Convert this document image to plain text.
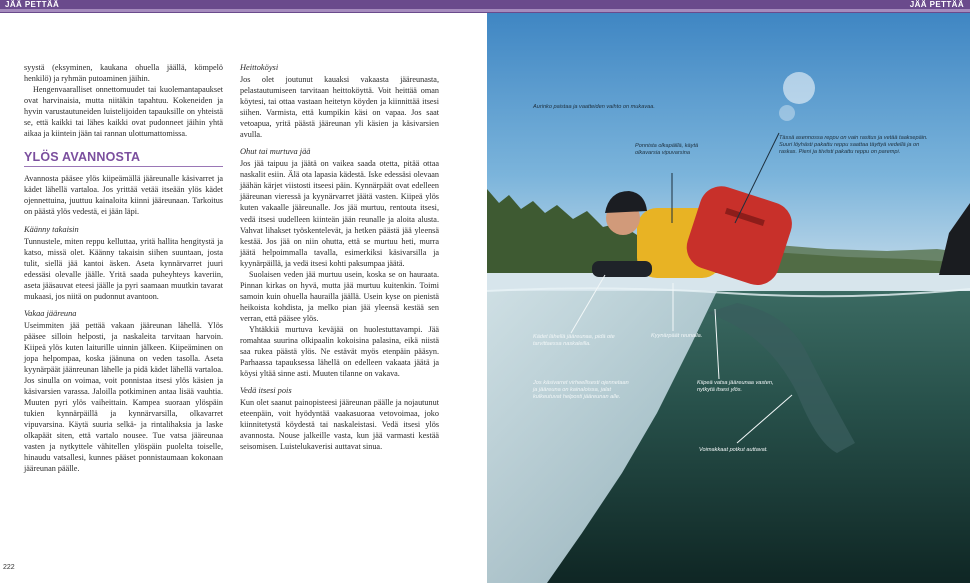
JÄÄ PETTÄÄ	JÄÄ PETTÄÄ

syystä (eksyminen, kaukana ohuella jäällä, kömpelö henkilö) ja ryhmän putoaminen jäihin.

Hengenvaaralliset onnettomuudet tai kuolemantapaukset ovat harvinaisia, mutta niitäkin tapahtuu. Kokeneiden ja hyvin varustautuneiden luistelijoiden tapauksille on yhteistä se, että kaikki tai lähes kaikki ovat pudonneet jäihin yhtä aikaa ja kiintein jään tai rannan ulottumattomissa.

YLÖS AVANNOSTA

Avannosta pääsee ylös kiipeämällä jääreunalle käsivarret ja kädet lähellä vartaloa. Jos yrittää vetää itseään ylös kädet ojennettuina, juuttuu kainaloita kiinni jääreunaan. Tarkoitus on päästä ylös vedestä, ei jään läpi.

Käänny takaisin

Tunnustele, miten reppu kelluttaa, yritä hallita hengitystä ja katso, missä olet. Käänny takaisin siihen suuntaan, josta tulit, siellä jää kantoi äsken. Aseta kynnärvarret juuri edessäsi olevalle jäälle. Yritä saada puheyhteys kaveriin, aseta jääsauvat eteesi jäälle ja pyri saamaan muutkin tavarat mukaasi, jos niitä on pudonnut avantoon.

Vakaa jääreuna

Useimmiten jää pettää vakaan jääreunan lähellä. Ylös pääsee silloin helposti, ja naskaleita tarvitaan harvoin. Kiipeä ylös kuten laiturille uinnin jälkeen. Kiipeäminen on jopa helpompaa, koska jäänuna on veden tasolla. Aseta kyynärpäät jäänreunan lähelle ja pidä kädet lähellä vartaloa. Jos sinulla on voimaa, voit ponnistaa itsesi ylös käsien ja käsivarsien varassa. Jaloilla potkiminen antaa lisää vauhtia. Muuten pyri ylös vaiheittain. Kampea suoraan ylöspäin tukien kynnärpäillä ja kynnärvarsilla, olkavarret vipuvarsina. Käytä suuria selkä- ja rintalihaksia ja laske olkapäät siten, että vartalo nousee. Tue vatsa jääreunaa vasten ja nytkyttele vähitellen ylöspäin puolelta toiselle, hinaudu vatsallesi, kunnes pääset ponnistaumaan kokonaan jääreunan päälle.

Heittoköysi

Jos olet joutunut kauaksi vakaasta jääreunasta, pelastautumiseen tarvitaan heittoköyttä. Voit heittää oman köytesi, tai ottaa vastaan heitetyn köyden ja kiinnittää itsesi siihen. Varmista, että kumpikin käsi on vapaa. Jos saat vetoapua, yritä päästä jääreunan yli käsien ja käsivarsien avulla.

Ohut tai murtuva jää

Jos jää taipuu ja jäätä on vaikea saada otetta, pitää ottaa naskalit esiin. Älä ota lapasia kädestä. Iske edessäsi olevaan jäähän kärjet viistosti itseesi päin. Kynnärpäät ovat edelleen jääreunan vieressä ja kyynärvarret jäätä vasten. Kiipeä ylös kuten vakaalle jääreunalle. Jos jää murtuu, rentouta itsesi, vedä itsesi uudelleen kiinteän jään reunalle ja aloita alusta. Vahvat lihakset työskentelevät, ja hetken päästä jää yleensä kestää. Jos jää on niin ohutta, että se murtuu heti, murra jäätä helpoimmalla tavalla, esimerkiksi käsivarsilla ja kyynärpäillä, ja vedä itsesi kohti paksumpaa jäätä.

Suolaisen veden jää murtuu usein, koska se on hauraata. Pinnan kirkas on hyvä, mutta jää murtuu kuitenkin. Toimi samoin kuin ohuella haurailla jäällä. Usein kyse on pienistä heikoista kohdista, ja melko pian jää yleensä kestää sen verran, että pääsee ylös.

Yhtäkkiä murtuva keväjää on huolestuttavampi. Jää romahtaa suurina olkipaalin kokoisina palasina, eikä niistä saa rukea päästä ylös. Ne estävät myös etenpäin pääsyn. Parhaassa tapauksessa lähellä on edelleen vakaata jäätä ja köysi yltää sinne asti. Muuten tilanne on vakava.

Vedä itsesi pois

Kun olet saanut painopisteesi jääreunan päälle ja nojautunut eteenpäin, voit hyödyntää vaakasuoraa vetovoimaa, joko kiinnitetystä köydestä tai naskaleistasi. Vedä itsesi ylös avannosta. Nouse jalkeille vasta, kun jää varmasti kestää seisomisen. Luistelukaverisi auttavat sinua.

222
Aurinko paistaa ja vaatteiden vaihto on mukavaa.
Ponnista olkapäillä, käytä olkavarsia vipuvarsina
Tässä asennossa reppu on vain rasitus ja vetää taaksepäin. Suuri löyhästi pakattu reppu saattaa täyttyä vedellä ja on raskas. Pieni ja tiiviisti pakattu reppu on parempi.
Kädet lähellä jääreunaa, pidä ote tarvittaessa naskaleilla.
Kyynärpäät reunalla.
Kiipeä vatsa jääreunaa vasten, nytkytä itsesi ylös.
Jos käsivarret virheellisesti ojennetaan ja jääreuna on kainaloissa, jalat kulkeutuvat helposti jääreunan alle.
Voimakkaat potkut auttavat.
